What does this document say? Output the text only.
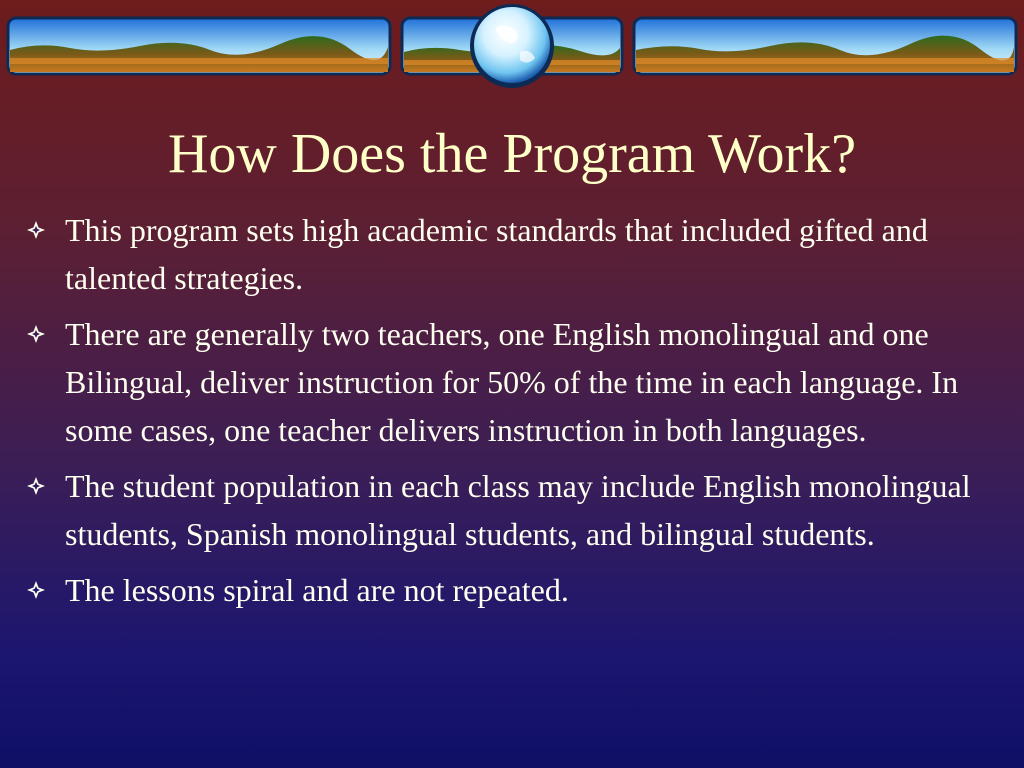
How Does the Program Work?
This program sets high academic standards that included gifted and talented strategies.
There are generally two teachers, one English monolingual and one Bilingual, deliver instruction for 50% of the time in each language. In some cases, one teacher delivers instruction in both languages.
The student population in each class may include English monolingual students, Spanish monolingual students, and bilingual students.
The lessons spiral and are not repeated.
